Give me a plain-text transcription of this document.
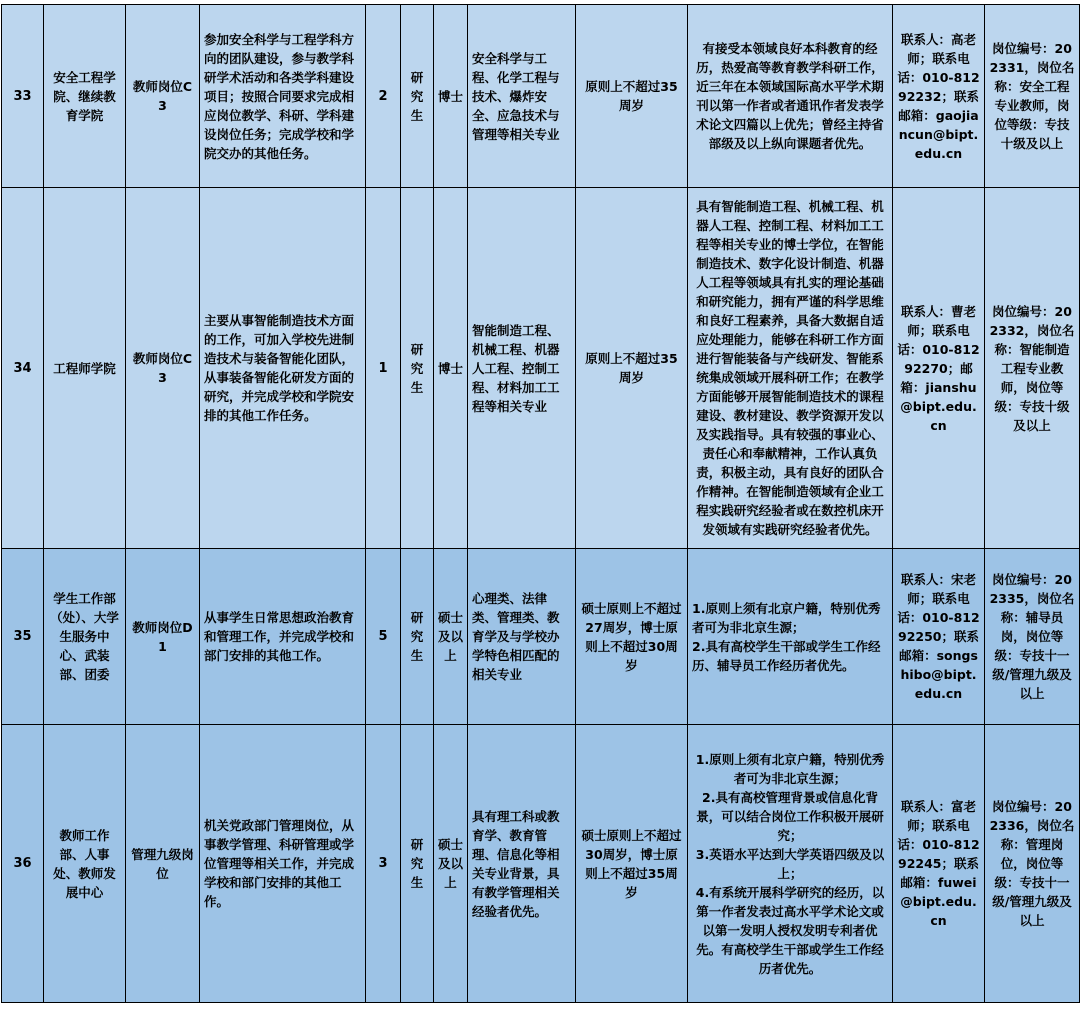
33	安全工程学院、继续教育学院	教师岗位C3	参加安全科学与工程学科方向的团队建设，参与教学科研学术活动和各类学科建设项目；按照合同要求完成相应岗位教学、科研、学科建设岗位任务；完成学校和学院交办的其他任务。	2	研究生	博士	安全科学与工程、化学工程与技术、爆炸安全、应急技术与管理等相关专业	原则上不超过35周岁	有接受本领域良好本科教育的经历，热爱高等教育教学科研工作，近三年在本领域国际高水平学术期刊以第一作者或者通讯作者发表学术论文四篇以上优先；曾经主持省部级及以上纵向课题者优先。	联系人：高老师；联系电话：010-81292232；联系邮箱：gaojiancun@bipt.edu.cn	岗位编号：202331，岗位名称：安全工程专业教师，岗位等级：专技十级及以上
34	工程师学院	教师岗位C3	主要从事智能制造技术方面的工作，可加入学校先进制造技术与装备智能化团队，从事装备智能化研发方面的研究，并完成学校和学院安排的其他工作任务。	1	研究生	博士	智能制造工程、机械工程、机器人工程、控制工程、材料加工工程等相关专业	原则上不超过35周岁	具有智能制造工程、机械工程、机器人工程、控制工程、材料加工工程等相关专业的博士学位，在智能制造技术、数字化设计制造、机器人工程等领域具有扎实的理论基础和研究能力，拥有严谨的科学思维和良好工程素养，具备大数据自适应处理能力，能够在科研工作方面进行智能装备与产线研发、智能系统集成领域开展科研工作；在教学方面能够开展智能制造技术的课程建设、教材建设、教学资源开发以及实践指导。具有较强的事业心、责任心和奉献精神，工作认真负责，积极主动，具有良好的团队合作精神。在智能制造领域有企业工程实践研究经验者或在数控机床开发领域有实践研究经验者优先。	联系人：曹老师；联系电话：010-81292270；邮箱：jianshu@bipt.edu.cn	岗位编号：202332，岗位名称：智能制造工程专业教师，岗位等级：专技十级及以上
35	学生工作部（处）、大学生服务中心、武装部、团委	教师岗位D1	从事学生日常思想政治教育和管理工作，并完成学校和部门安排的其他工作。	5	研究生	硕士及以上	心理类、法律类、管理类、教育学及与学校办学特色相匹配的相关专业	硕士原则上不超过27周岁，博士原则上不超过30周岁	1.原则上须有北京户籍，特别优秀者可为非北京生源；
2.具有高校学生干部或学生工作经历、辅导员工作经历者优先。	联系人：宋老师；联系电话：010-81292250；联系邮箱：songshibo@bipt.edu.cn	岗位编号：202335，岗位名称：辅导员岗，岗位等级：专技十一级/管理九级及以上
36	教师工作部、人事处、教师发展中心	管理九级岗位	机关党政部门管理岗位，从事教学管理、科研管理或学位管理等相关工作，并完成学校和部门安排的其他工作。	3	研究生	硕士及以上	具有理工科或教育学、教育管理、信息化等相关专业背景，具有教学管理相关经验者优先。	硕士原则上不超过30周岁，博士原则上不超过35周岁	1.原则上须有北京户籍，特别优秀者可为非北京生源；
2.具有高校管理背景或信息化背景，可以结合岗位工作积极开展研究；
3.英语水平达到大学英语四级及以上；
4.有系统开展科学研究的经历，以第一作者发表过高水平学术论文或以第一发明人授权发明专利者优先。有高校学生干部或学生工作经历者优先。	联系人：富老师；联系电话：010-81292245；联系邮箱：fuwei@bipt.edu.cn	岗位编号：202336，岗位名称：管理岗位，岗位等级：专技十一级/管理九级及以上
